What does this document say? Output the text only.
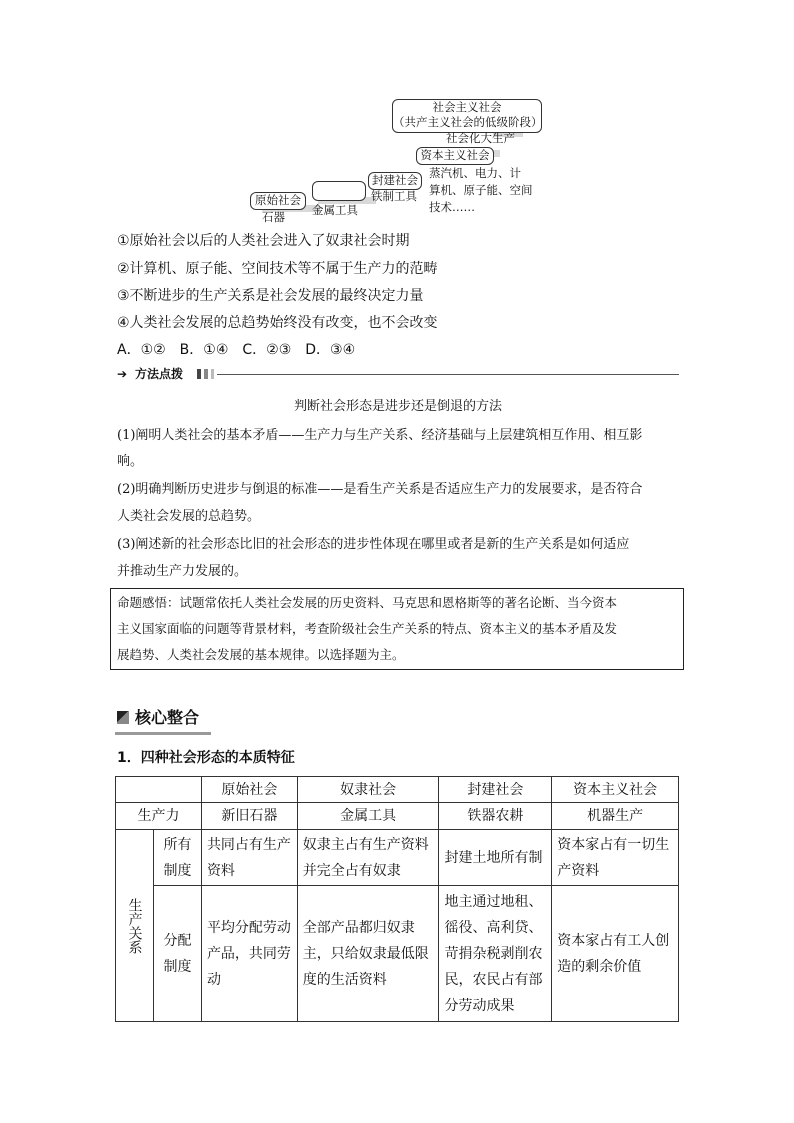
社会主义社会
（共产主义社会的低级阶段）
社会化大生产
资本主义社会
蒸汽机、电力、计
算机、原子能、空间
技术……
封建社会
铁制工具
金属工具
原始社会
石器
①原始社会以后的人类社会进入了奴隶社会时期
②计算机、原子能、空间技术等不属于生产力的范畴
③不断进步的生产关系是社会发展的最终决定力量
④人类社会发展的总趋势始终没有改变，也不会改变
A．①②　B．①④　C．②③　D．③④
➔ 方法点拨
判断社会形态是进步还是倒退的方法
(1)阐明人类社会的基本矛盾——生产力与生产关系、经济基础与上层建筑相互作用、相互影
响。
(2)明确判断历史进步与倒退的标准——是看生产关系是否适应生产力的发展要求，是否符合
人类社会发展的总趋势。
(3)阐述新的社会形态比旧的社会形态的进步性体现在哪里或者是新的生产关系是如何适应
并推动生产力发展的。
命题感悟：试题常依托人类社会发展的历史资料、马克思和恩格斯等的著名论断、当今资本
主义国家面临的问题等背景材料，考查阶级社会生产关系的特点、资本主义的基本矛盾及发
展趋势、人类社会发展的基本规律。以选择题为主。
核心整合
1．四种社会形态的本质特征
		原始社会	奴隶社会	封建社会	资本主义社会
生产力		新旧石器	金属工具	铁器农耕	机器生产

生产关系	所有制度	共同占有生产资料	奴隶主占有生产资料并完全占有奴隶	封建土地所有制	资本家占有一切生产资料

	分配制度	平均分配劳动产品，共同劳动	全部产品都归奴隶主，只给奴隶最低限度的生活资料	地主通过地租、徭役、高利贷、苛捐杂税剥削农民，农民占有部分劳动成果	资本家占有工人创造的剩余价值
